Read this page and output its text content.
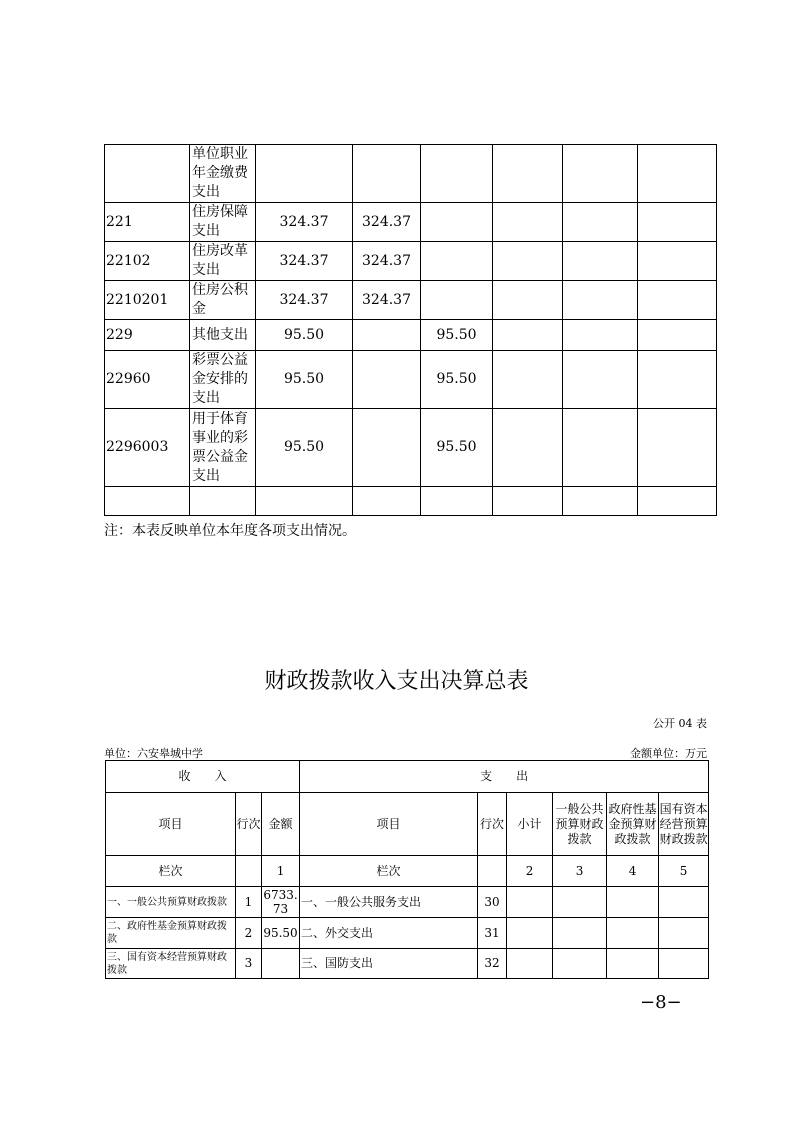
	单位职业年金缴费支出						
221	住房保障支出	324.37	324.37				
22102	住房改革支出	324.37	324.37				
2210201	住房公积金	324.37	324.37				
229	其他支出	95.50		95.50			
22960	彩票公益金安排的支出	95.50		95.50			
2296003	用于体育事业的彩票公益金支出	95.50		95.50			

注：本表反映单位本年度各项支出情况。
财政拨款收入支出决算总表
公开 04 表
单位：六安皋城中学	金额单位：万元
收　　入			支　　出					
项目	行次	金额	项目	行次	小计	一般公共预算财政拨款	政府性基金预算财政拨款	国有资本经营预算财政拨款
栏次		1	栏次		2	3	4	5
一、一般公共预算财政拨款	1	6733.73	一、一般公共服务支出	30				
二、政府性基金预算财政拨款	2	95.50	二、外交支出	31				
三、国有资本经营预算财政拨款	3		三、国防支出	32				
−8−
